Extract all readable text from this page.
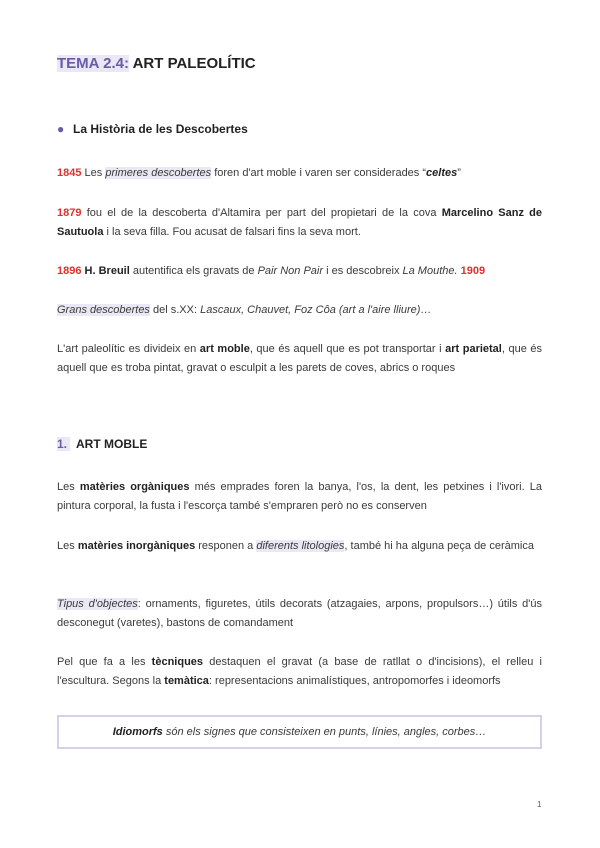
TEMA 2.4: ART PALEOLÍTIC
● La Història de les Descobertes
1845 Les primeres descobertes foren d'art moble i varen ser considerades “celtes”
1879 fou el de la descoberta d'Altamira per part del propietari de la cova Marcelino Sanz de Sautuola i la seva filla. Fou acusat de falsari fins la seva mort.
1896 H. Breuil autentifica els gravats de Pair Non Pair i es descobreix La Mouthe. 1909
Grans descobertes del s.XX: Lascaux, Chauvet, Foz Côa (art a l'aire lliure)…
L'art paleolític es divideix en art moble, que és aquell que es pot transportar i art parietal, que és aquell que es troba pintat, gravat o esculpit a les parets de coves, abrics o roques
1. ART MOBLE
Les matèries orgàniques més emprades foren la banya, l'os, la dent, les petxines i l'ivori. La pintura corporal, la fusta i l'escorça també s'empraren però no es conserven
Les matèries inorgàniques responen a diferents litologies, també hi ha alguna peça de ceràmica
Tipus d'objectes: ornaments, figuretes, útils decorats (atzagaies, arpons, propulsors…) útils d'ús desconegut (varetes), bastons de comandament
Pel que fa a les tècniques destaquen el gravat (a base de ratllat o d'incisions), el relleu i l'escultura. Segons la temàtica: representacions animalístiques, antropomorfes i ideomorfs
Idiomorfs són els signes que consisteixen en punts, línies, angles, corbes…
1
